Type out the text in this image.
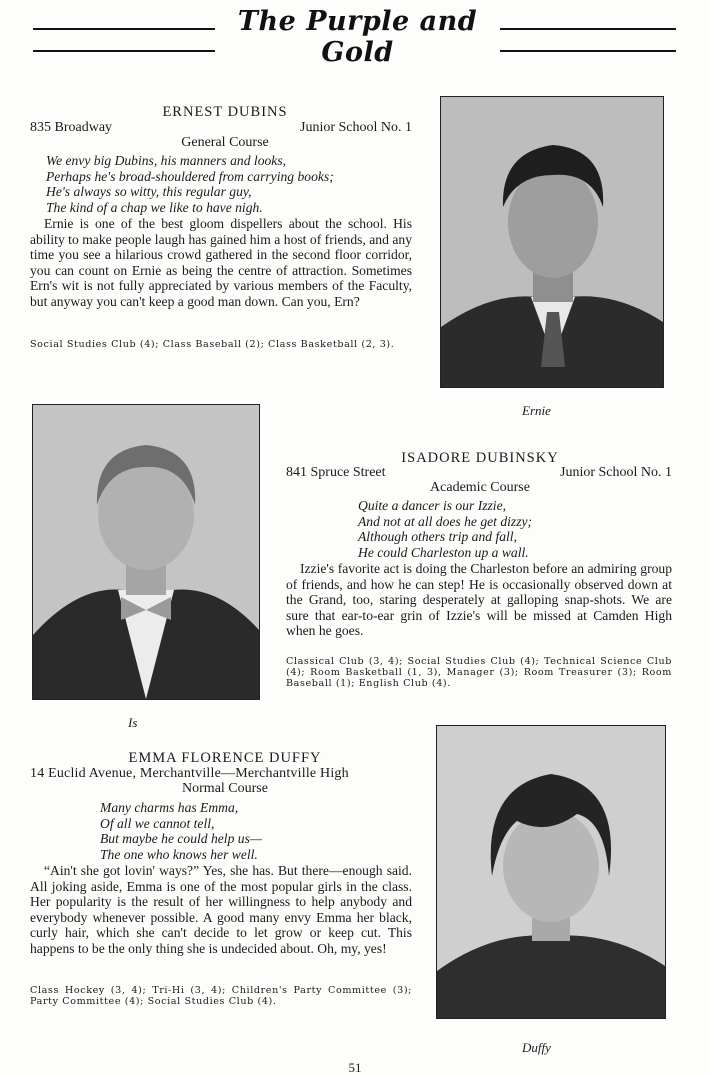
The Purple and Gold
ERNEST DUBINS
835 Broadway	Junior School No. 1
General Course
We envy big Dubins, his manners and looks,
Perhaps he's broad-shouldered from carrying books;
He's always so witty, this regular guy,
The kind of a chap we like to have nigh.

Ernie is one of the best gloom dispellers about the school. His ability to make people laugh has gained him a host of friends, and any time you see a hilarious crowd gathered in the second floor corridor, you can count on Ernie as being the centre of attraction. Sometimes Ern's wit is not fully appreciated by various members of the Faculty, but anyway you can't keep a good man down. Can you, Ern?

Social Studies Club (4); Class Baseball (2); Class Basketball (2, 3).

Ernie
Is
ISADORE DUBINSKY
841 Spruce Street	Junior School No. 1
Academic Course
Quite a dancer is our Izzie,
And not at all does he get dizzy;
Although others trip and fall,
He could Charleston up a wall.

Izzie's favorite act is doing the Charleston before an admiring group of friends, and how he can step! He is occasionally observed down at the Grand, too, staring desperately at galloping snap-shots. We are sure that ear-to-ear grin of Izzie's will be missed at Camden High when he goes.

Classical Club (3, 4); Social Studies Club (4); Technical Science Club (4); Room Basketball (1, 3), Manager (3); Room Treasurer (3); Room Baseball (1); English Club (4).

EMMA FLORENCE DUFFY
14 Euclid Avenue, Merchantville—Merchantville High
Normal Course
Many charms has Emma,
Of all we cannot tell,
But maybe he could help us—
The one who knows her well.

“Ain't she got lovin' ways?” Yes, she has. But there—enough said. All joking aside, Emma is one of the most popular girls in the class. Her popularity is the result of her willingness to help anybody and everybody whenever possible. A good many envy Emma her black, curly hair, which she can't decide to let grow or keep cut. This happens to be the only thing she is undecided about. Oh, my, yes!

Class Hockey (3, 4); Tri-Hi (3, 4); Children's Party Committee (3); Party Committee (4); Social Studies Club (4).

Duffy
51
